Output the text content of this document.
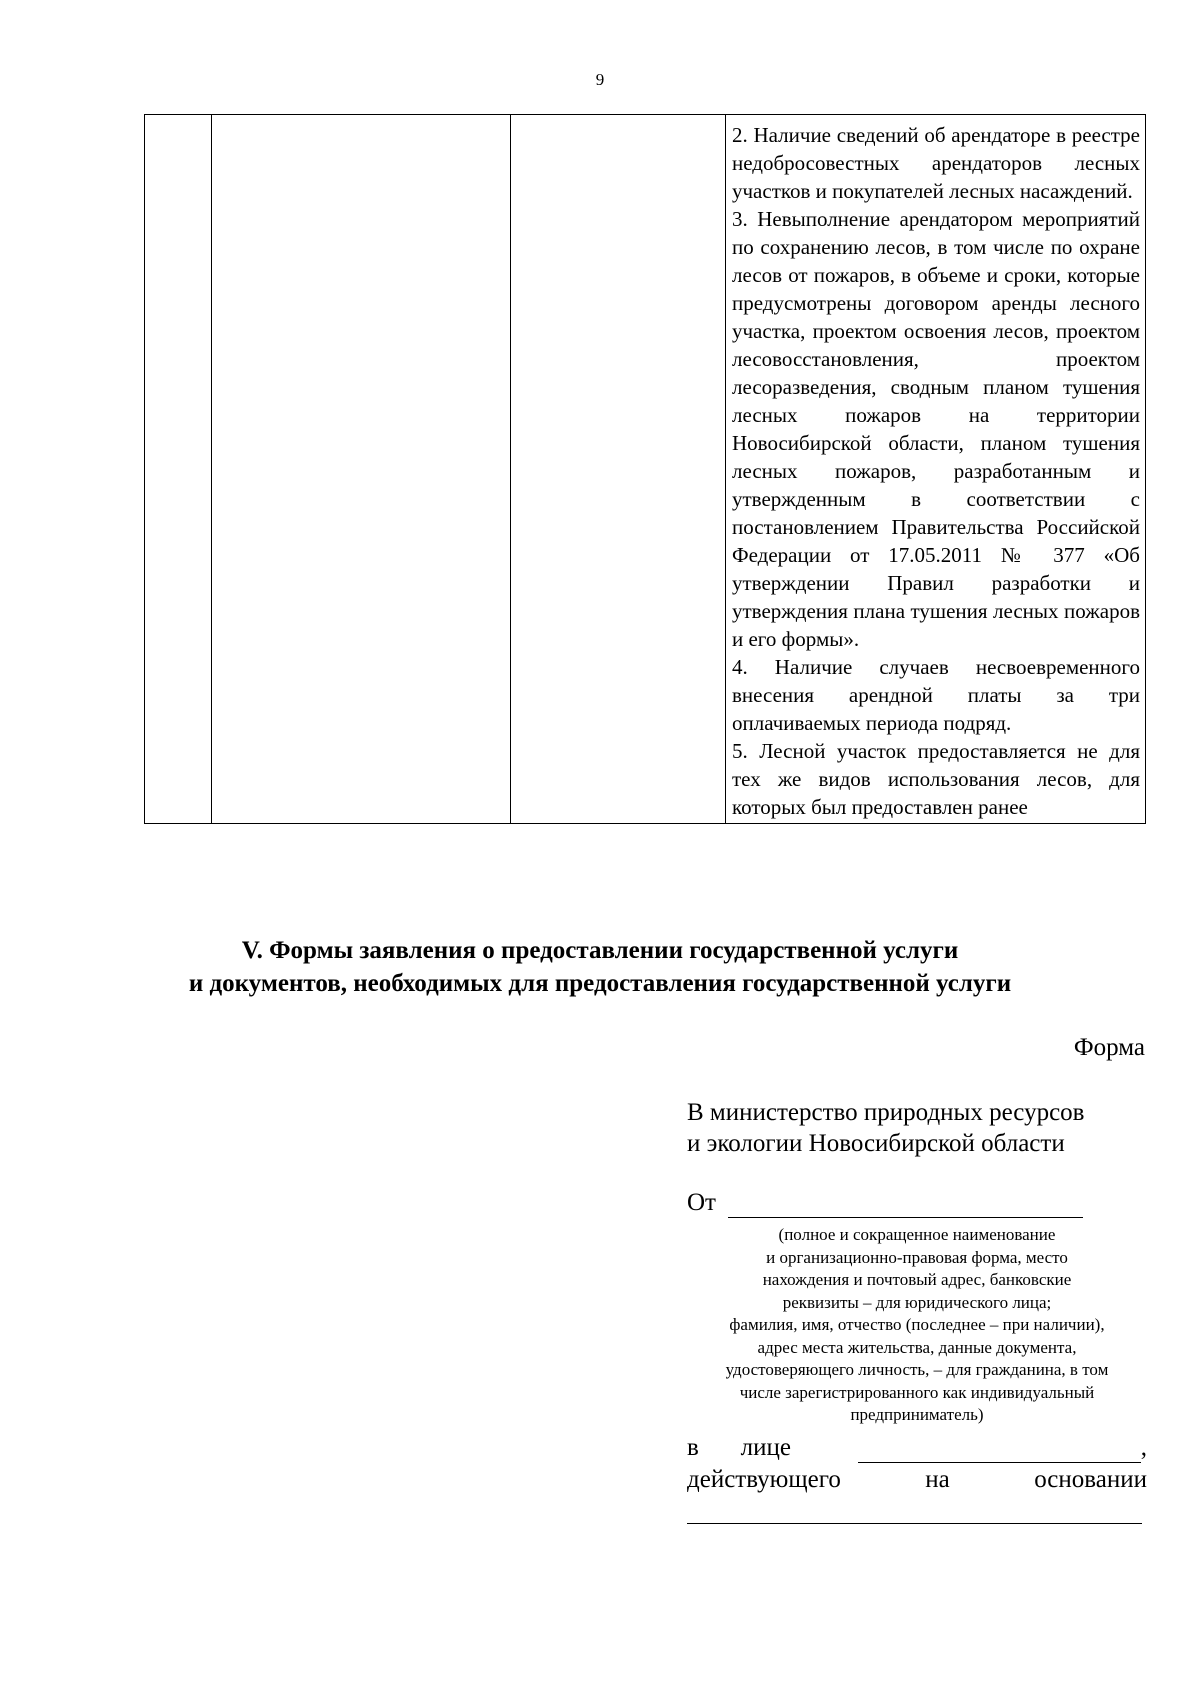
9

2. Наличие сведений об арендаторе в реестре недобросовестных арендаторов лесных участков и покупателей лесных насаждений.
3. Невыполнение арендатором мероприятий по сохранению лесов, в том числе по охране лесов от пожаров, в объеме и сроки, которые предусмотрены договором аренды лесного участка, проектом освоения лесов, проектом лесовосстановления, проектом лесоразведения, сводным планом тушения лесных пожаров на территории Новосибирской области, планом тушения лесных пожаров, разработанным и утвержденным в соответствии с постановлением Правительства Российской Федерации от 17.05.2011 № 377 «Об утверждении Правил разработки и утверждения плана тушения лесных пожаров и его формы».
4. Наличие случаев несвоевременного внесения арендной платы за три оплачиваемых периода подряд.
5. Лесной участок предоставляется не для тех же видов использования лесов, для которых был предоставлен ранее
V. Формы заявления о предоставлении государственной услуги
и документов, необходимых для предоставления государственной услуги
Форма
В министерство природных ресурсов
и экологии Новосибирской области
От
(полное и сокращенное наименование
и организационно-правовая форма, место
нахождения и почтовый адрес, банковские
реквизиты – для юридического лица;
фамилия, имя, отчество (последнее – при наличии),
адрес места жительства, данные документа,
удостоверяющего личность, – для гражданина, в том
числе зарегистрированного как индивидуальный
предприниматель)
в лице	,
действующего	на	основании
